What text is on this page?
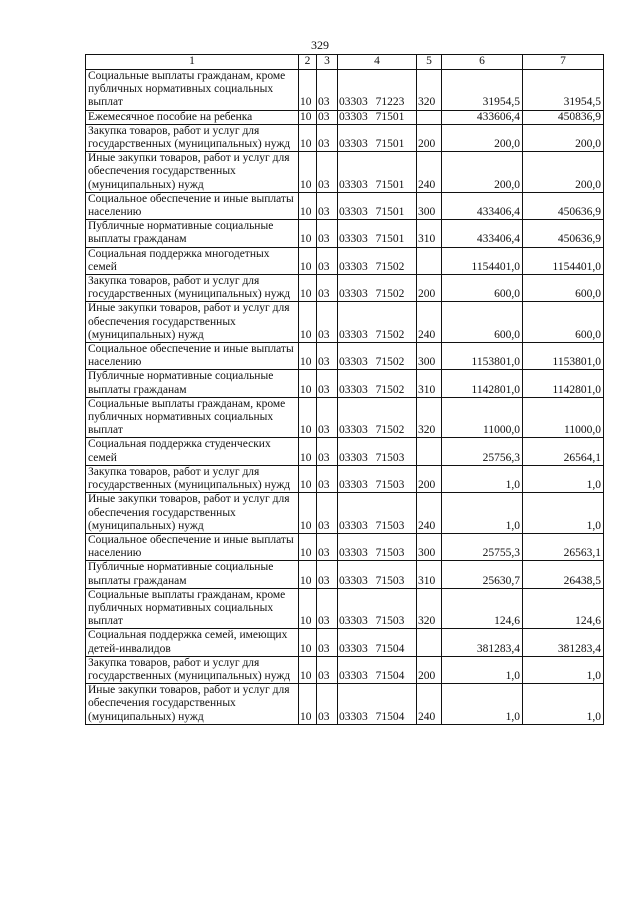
329
1	2	3	4	5	6	7
Социальные выплаты гражданам, кроме публичных нормативных социальных выплат	10	03	03303 71223	320	31954,5	31954,5
Ежемесячное пособие на ребенка	10	03	03303 71501		433606,4	450836,9
Закупка товаров, работ и услуг для государственных (муниципальных) нужд	10	03	03303 71501	200	200,0	200,0
Иные закупки товаров, работ и услуг для обеспечения государственных (муниципальных) нужд	10	03	03303 71501	240	200,0	200,0
Социальное обеспечение и иные выплаты населению	10	03	03303 71501	300	433406,4	450636,9
Публичные нормативные социальные выплаты гражданам	10	03	03303 71501	310	433406,4	450636,9
Социальная поддержка многодетных семей	10	03	03303 71502		1154401,0	1154401,0
Закупка товаров, работ и услуг для государственных (муниципальных) нужд	10	03	03303 71502	200	600,0	600,0
Иные закупки товаров, работ и услуг для обеспечения государственных (муниципальных) нужд	10	03	03303 71502	240	600,0	600,0
Социальное обеспечение и иные выплаты населению	10	03	03303 71502	300	1153801,0	1153801,0
Публичные нормативные социальные выплаты гражданам	10	03	03303 71502	310	1142801,0	1142801,0
Социальные выплаты гражданам, кроме публичных нормативных социальных выплат	10	03	03303 71502	320	11000,0	11000,0
Социальная поддержка студенческих семей	10	03	03303 71503		25756,3	26564,1
Закупка товаров, работ и услуг для государственных (муниципальных) нужд	10	03	03303 71503	200	1,0	1,0
Иные закупки товаров, работ и услуг для обеспечения государственных (муниципальных) нужд	10	03	03303 71503	240	1,0	1,0
Социальное обеспечение и иные выплаты населению	10	03	03303 71503	300	25755,3	26563,1
Публичные нормативные социальные выплаты гражданам	10	03	03303 71503	310	25630,7	26438,5
Социальные выплаты гражданам, кроме публичных нормативных социальных выплат	10	03	03303 71503	320	124,6	124,6
Социальная поддержка семей, имеющих детей-инвалидов	10	03	03303 71504		381283,4	381283,4
Закупка товаров, работ и услуг для государственных (муниципальных) нужд	10	03	03303 71504	200	1,0	1,0
Иные закупки товаров, работ и услуг для обеспечения государственных (муниципальных) нужд	10	03	03303 71504	240	1,0	1,0
